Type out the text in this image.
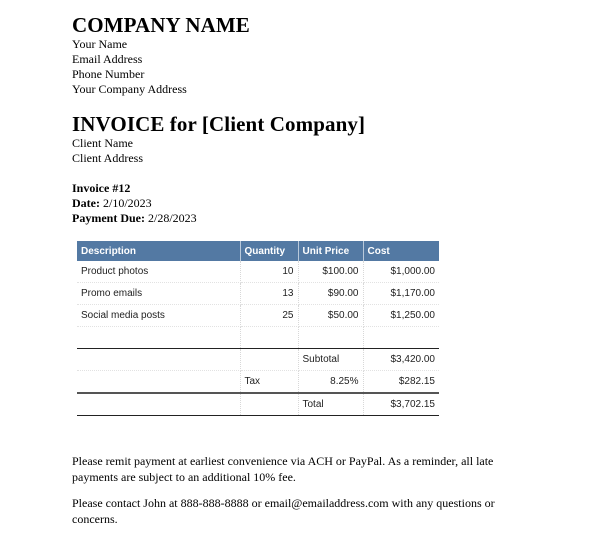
COMPANY NAME
Your Name
Email Address
Phone Number
Your Company Address
INVOICE for [Client Company]
Client Name
Client Address
Invoice #12
Date: 2/10/2023
Payment Due: 2/28/2023
Description	Quantity	Unit Price	Cost
Product photos	10	$100.00	$1,000.00
Promo emails	13	$90.00	$1,170.00
Social media posts	25	$50.00	$1,250.00

		Subtotal	$3,420.00
	Tax	8.25%	$282.15
		Total	$3,702.15

Please remit payment at earliest convenience via ACH or PayPal. As a reminder, all late payments are subject to an additional 10% fee.

Please contact John at 888-888-8888 or email@emailaddress.com with any questions or concerns.
